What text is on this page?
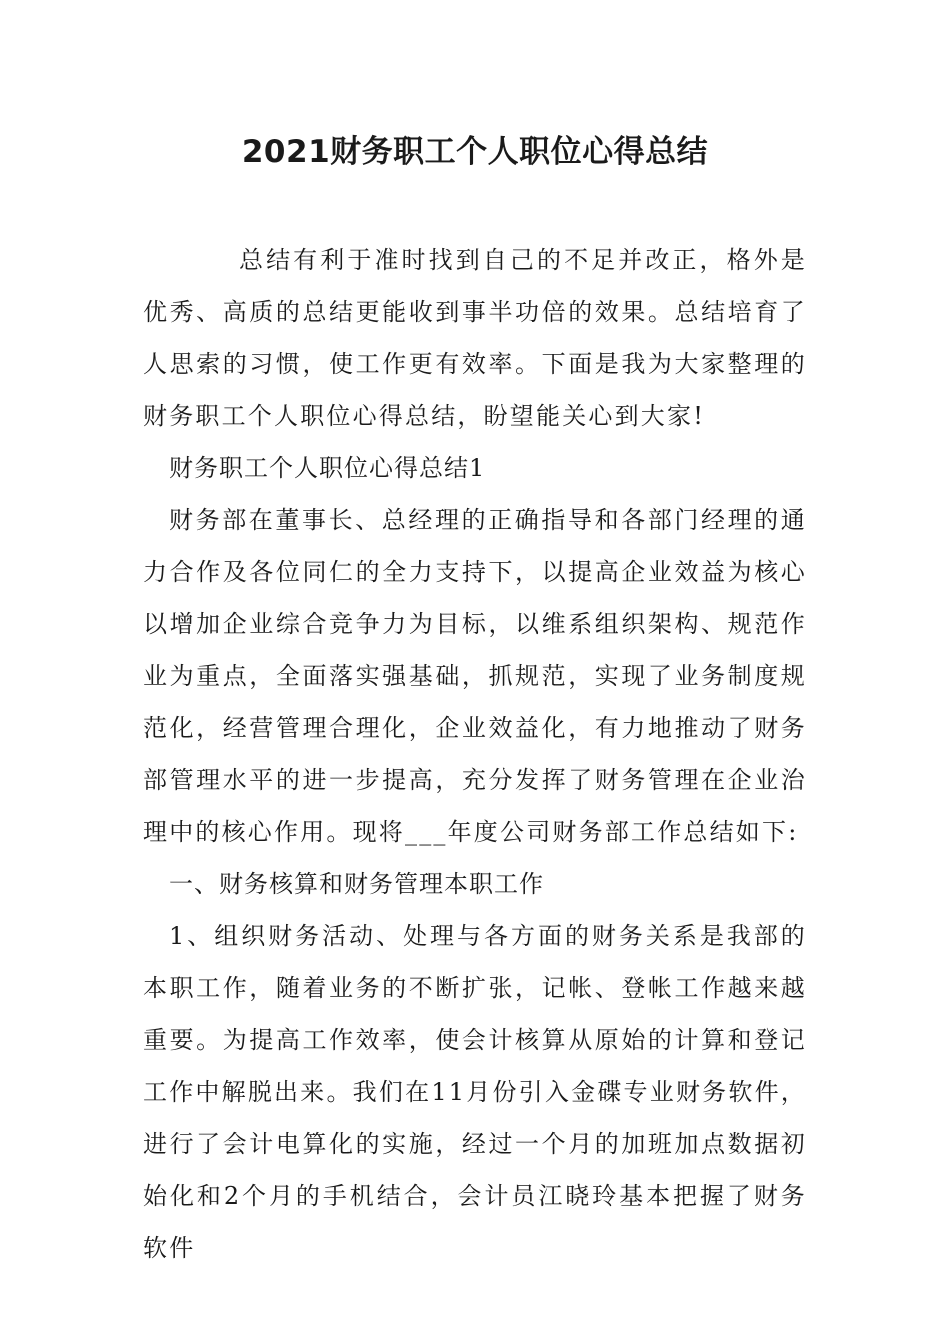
2021财务职工个人职位心得总结

总结有利于准时找到自己的不足并改正，格外是优秀、高质的总结更能收到事半功倍的效果。总结培育了人思索的习惯，使工作更有效率。下面是我为大家整理的财务职工个人职位心得总结，盼望能关心到大家!

财务职工个人职位心得总结1

财务部在董事长、总经理的正确指导和各部门经理的通力合作及各位同仁的全力支持下，以提高企业效益为核心以增加企业综合竞争力为目标，以维系组织架构、规范作业为重点，全面落实强基础，抓规范，实现了业务制度规范化，经营管理合理化，企业效益化，有力地推动了财务部管理水平的进一步提高，充分发挥了财务管理在企业治理中的核心作用。现将___年度公司财务部工作总结如下:

一、财务核算和财务管理本职工作

1、组织财务活动、处理与各方面的财务关系是我部的本职工作，随着业务的不断扩张，记帐、登帐工作越来越重要。为提高工作效率，使会计核算从原始的计算和登记工作中解脱出来。我们在11月份引入金碟专业财务软件，进行了会计电算化的实施，经过一个月的加班加点数据初始化和2个月的手机结合，会计员江晓玲基本把握了财务软件
